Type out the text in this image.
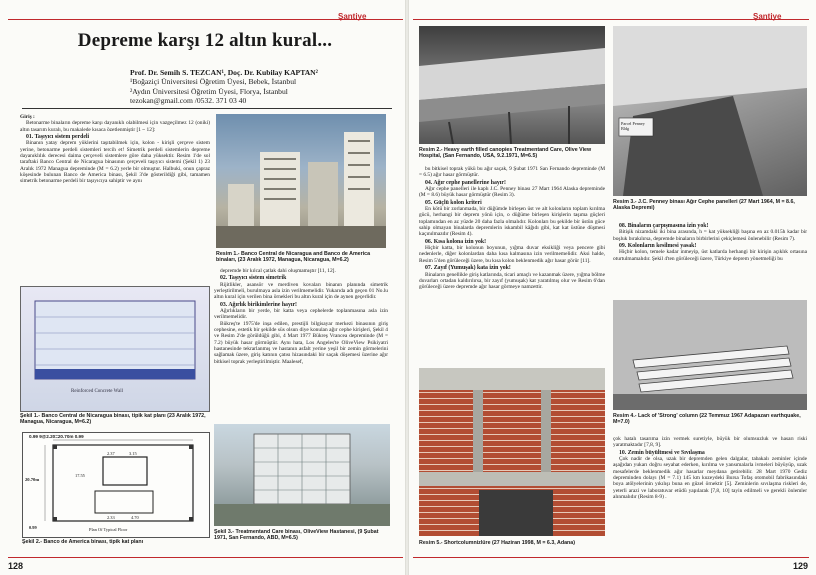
Şantiye
Depreme karşı 12 altın kural...
Prof. Dr. Semih S. TEZCAN¹, Doç. Dr. Kubilay KAPTAN²
¹Boğaziçi Üniversitesi Öğretim Üyesi, Bebek, İstanbul
²Aydın Üniversitesi Öğretim Üyesi, Florya, İstanbul
tezokan@gmail.com /0532. 371 03 40

Giriş :

Betonarme binaların depreme karşı dayanıklı olabilmesi için vazgeçilmez 12 (oniki) altın tasarım kuralı, bu makalede kısaca özetlenmiştir [1 ~ 12]:

01. Taşıyıcı sistem perdeli

Binanın yatay deprem yüklerini taşıtabilmek için, kolon - kirişli çerçeve sistem yerine, betonarme perdeli sistemleri tercih et! Simetrik perdeli sistemlerin depreme dayanıklılık derecesi daima çerçeveli sistemlere göre daha yüksektir. Resim 1'de sol taraftaki Banco Central de Nicaragua binasının çerçeveli taşıyıcı sistemi (Şekil 1) 23 Aralık 1972 Managua depreminde (M = 6.2) yerle bir olmuştur. Halbuki, onun çapraz köşesinde bulunan Banco de America binası, Şekil 3'de gösterildiği gibi, tamamen simetrik betonarme perdeli bir taşıyıcıya sahiptir ve aynı

Resim 1.- Banco Central de Nicaragua and Banco de America binaları, (23 Aralık 1972, Managua, Nicaragua, M=6.2)
Reinforced Concrete Wall
Şekil 1.- Banco Central de Nicaragua binası, tipik kat planı (23 Aralık 1972, Managua, Nicaragua, M=6.2)

depremde bir kılcal çatlak dahi oluşmamıştır [11, 12].

02. Taşıyıcı sistem simetrik

Rijitlikler, asansör ve merdiven kovaları binanın planında simetrik yerleştirilmeli, burulmaya asla izin verilmemelidir. Yukarıda adı geçen 01 No.lu altın kural için verilen bina örnekleri bu altın kural için de aynen geçerlidir.

03. Ağırlık birikimlerine hayır!

Ağırlıkların bir yerde, bir katta veya cephelerde toplanmasına asla izin verilmemelidir.

Bükreş'te 1975'de inşa edilen, prestijli bilgisayar merkezi binasının giriş cephesine, estetik bir şekilde süs olsun diye konulan ağır cephe kirişleri, Şekil 4 ve Resim 2'de görüldüğü gibi, 4 Mart 1977 Bükreş Vrancea depreminde (M = 7.2) büyük hasar görmüştür. Aynı hata, Los Angeles'te OliveView Psikiyatri hastanesinde tekrarlanmış ve hastanın asfalt yerine yeşil bir zemin görmelerini sağlamak üzere, giriş katının çatısı hizasındaki bir saçak döşemesi üzerine ağır bitkisel toprak yerleştirilmiştir. Maalesef,

0.99 9@2.20=20.70m 0.99
20.70m
2.37	3.15
2.33	4.70
17.55
0.99	Plan Of Typical Floor
Şekil 2.- Banco de America binası, tipik kat planı
Şekil 3.- Treatmentand Care binası, OliveView Hastanesi, (9 Şubat 1971, San Fernando, ABD, M=6.5)
128
Şantiye
Resim 2.- Heavy earth filled canopies Treatmentand Care, Olive View Hospital, (San Fernando, USA, 9.2.1971, M=6.5)

bu bitkisel toprak yükü bu ağır saçak, 9 Şubat 1971 San Fernando depreminde (M = 6.5) ağır hasar görmüştür.

04. Ağır cephe panellerine hayır!

Ağır cephe panelleri ile kaplı J.C. Penney binası 27 Mart 1964 Alaska depreminde (M = 8.6) büyük hasar görmüştür (Resim 3).

05. Güçlü kolon kriteri

En kötü bir zorlanmada, bir düğümde birleşen üst ve alt kolonların toplam kırılma gücü, herhangi bir deprem yönü için, o düğüme birleşen kirişlerin taşıma güçleri toplamından en az yüzde 20 daha fazla olmalıdır. Kolonları bu şekilde bir üstün güce sahip olmayan binalarda depremlerin iskambil kâğıdı gibi, kat kat üstüne düşmesi kaçınılmazdır (Resim 4).

06. Kısa kolona izin yok!

Hiçbir katta, bir kolonun boyunun, yığma duvar eksikliği veya pencere gibi nedenlerle, diğer kolonlardan daha kısa kalmasına izin verilmemelidir. Aksi halde, Resim 5'den görüleceği üzere, bu kısa kolon beklenmedik ağır hasar görür [11].

07. Zayıf (Yumuşak) kata izin yok!

Binaların genellikle giriş katlarında, ticari amaçlı ve kazanmak üzere, yığma bölme duvarları ortadan kaldırılırsa, bir zayıf (yumuşak) kat yaratılmış olur ve Resim 6'dan görüleceği üzere depremde ağır hasar görmeye namzettir.

Resim 5.- Shortcolumnizlüre (27 Haziran 1998, M = 6.3, Adana)
Parcel Penney Bldg
Resim 3.- J.C. Penney binası Ağır Cephe panelleri (27 Mart 1964, M = 8.6, Alaska Depremi)

08. Binaların çarpışmasına izin yok!

Bitişik nizamdaki iki bina arasında, h = kat yüksekliği başına en az 0.015h kadar bir boşluk bırakılırsa, depremde binaların birbirlerini çekiçlemesi önlenebilir (Resim 7).

09. Kolonların kesilmesi yasak!

Hiçbir kolon, temele kadar inmeyip, üst katlarda herhangi bir kirişin açıklık ortasına oturtulmamalıdır. Şekil 4'ten görüleceği üzere, Türkiye deprem yönetmeliği bu

Resim 4.- Lack of 'Strong' column (22 Temmuz 1967 Adapazarı earthquake, M=7.0)

çok hatalı tasarıma izin vermek suretiyle, büyük bir olumsuzluk ve hasarı riski yaratmaktadır [7,8, 9].

10. Zemin büyültmesi ve Sıvılaşma

Çok nadir de olsa, uzak bir depremden gelen dalgalar, tabakalı zeminler içinde aşağıdan yukarı doğru seyahat ederken, kırılma ve yansımalarla ivmeleri büyüyüp, uzak mesafelerde beklenmedik ağır hasarlar meydana getirebilir. 28 Mart 1970 Gediz depreminden dolayı (M = 7.1) 145 km kuzeydeki Bursa Tofaş otomobil fabrikasındaki boya atölyelerinin yıkılışı buna en güzel örnektir [5]. Zeminlerin sıvılaşma riskleri de, yeterli arazi ve laboratuvar etüdü yapılarak [7,8, 10] tayin edilmeli ve gerekli önlemler alınmalıdır (Resim 8-9) .

129
